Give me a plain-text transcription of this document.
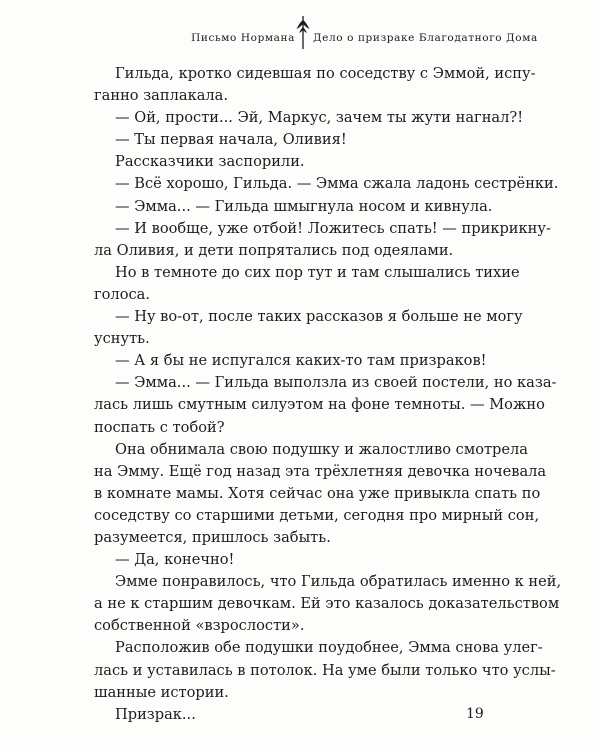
Письмо Нормана Дело о призраке Благодатного Дома

Гильда, кротко сидевшая по соседству с Эммой, испу-

ганно заплакала.

— Ой, прости... Эй, Маркус, зачем ты жути нагнал?!

— Ты первая начала, Оливия!

Рассказчики заспорили.

— Всё хорошо, Гильда. — Эмма сжала ладонь сестрёнки.

— Эмма... — Гильда шмыгнула носом и кивнула.

— И вообще, уже отбой! Ложитесь спать! — прикрикну-

ла Оливия, и дети попрятались под одеялами.

Но в темноте до сих пор тут и там слышались тихие

голоса.

— Ну во-от, после таких рассказов я больше не могу

уснуть.

— А я бы не испугался каких-то там призраков!

— Эмма... — Гильда выползла из своей постели, но каза-

лась лишь смутным силуэтом на фоне темноты. — Можно

поспать с тобой?

Она обнимала свою подушку и жалостливо смотрела

на Эмму. Ещё год назад эта трёхлетняя девочка ночевала

в комнате мамы. Хотя сейчас она уже привыкла спать по

соседству со старшими детьми, сегодня про мирный сон,

разумеется, пришлось забыть.

— Да, конечно!

Эмме понравилось, что Гильда обратилась именно к ней,

а не к старшим девочкам. Ей это казалось доказательством

собственной «взрослости».

Расположив обе подушки поудобнее, Эмма снова улег-

лась и уставилась в потолок. На уме были только что услы-

шанные истории.

Призрак...	19
